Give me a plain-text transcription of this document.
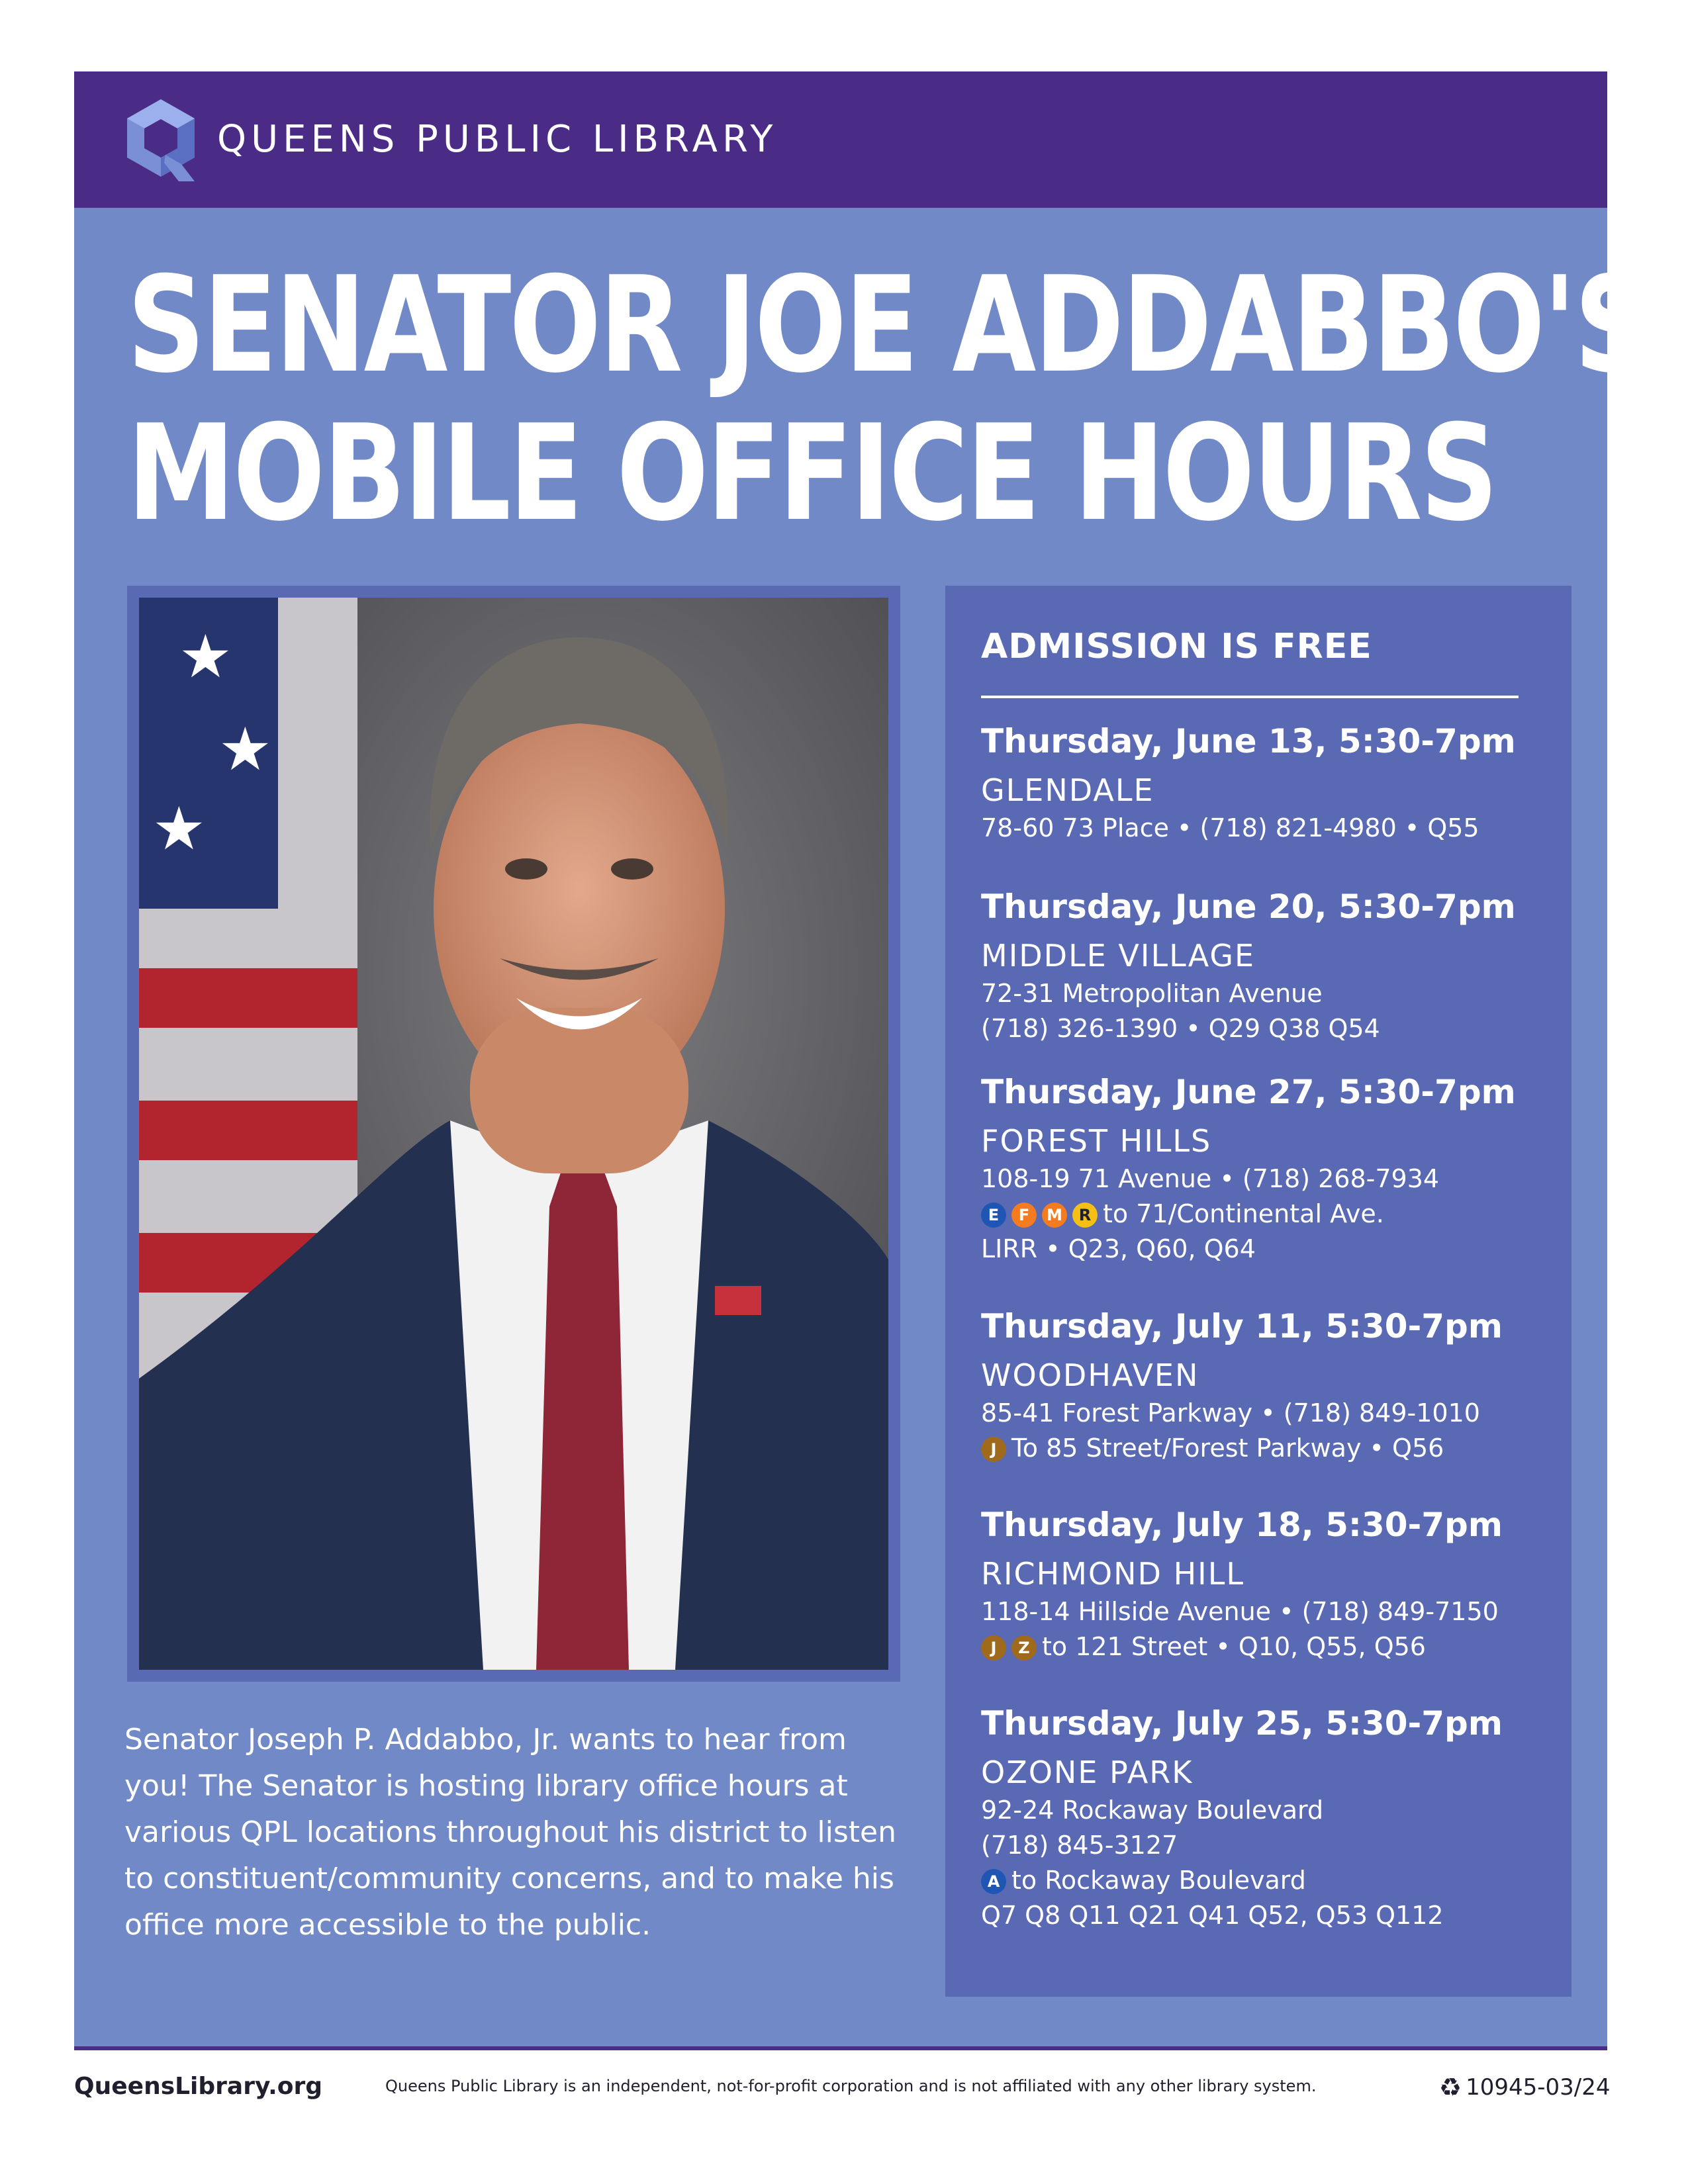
QUEENS PUBLIC LIBRARY
SENATOR JOE ADDABBO'S
MOBILE OFFICE HOURS
★
★
★
Senator Joseph P. Addabbo, Jr. wants to hear from you! The Senator is hosting library office hours at various QPL locations throughout his district to listen to constituent/community concerns, and to make his office more accessible to the public.
ADMISSION IS FREE
Thursday, June 13, 5:30-7pm
GLENDALE
78-60 73 Place • (718) 821-4980 • Q55
Thursday, June 20, 5:30-7pm
MIDDLE VILLAGE
72-31 Metropolitan Avenue
(718) 326-1390 • Q29 Q38 Q54
Thursday, June 27, 5:30-7pm
FOREST HILLS
108-19 71 Avenue • (718) 268-7934
E F M R to 71/Continental Ave.
LIRR • Q23, Q60, Q64
Thursday, July 11, 5:30-7pm
WOODHAVEN
85-41 Forest Parkway • (718) 849-1010
J To 85 Street/Forest Parkway • Q56
Thursday, July 18, 5:30-7pm
RICHMOND HILL
118-14 Hillside Avenue • (718) 849-7150
J Z to 121 Street • Q10, Q55, Q56
Thursday, July 25, 5:30-7pm
OZONE PARK
92-24 Rockaway Boulevard
(718) 845-3127
A to Rockaway Boulevard
Q7 Q8 Q11 Q21 Q41 Q52, Q53 Q112
QueensLibrary.org	Queens Public Library is an independent, not-for-profit corporation and is not affiliated with any other library system.	♻ 10945-03/24
